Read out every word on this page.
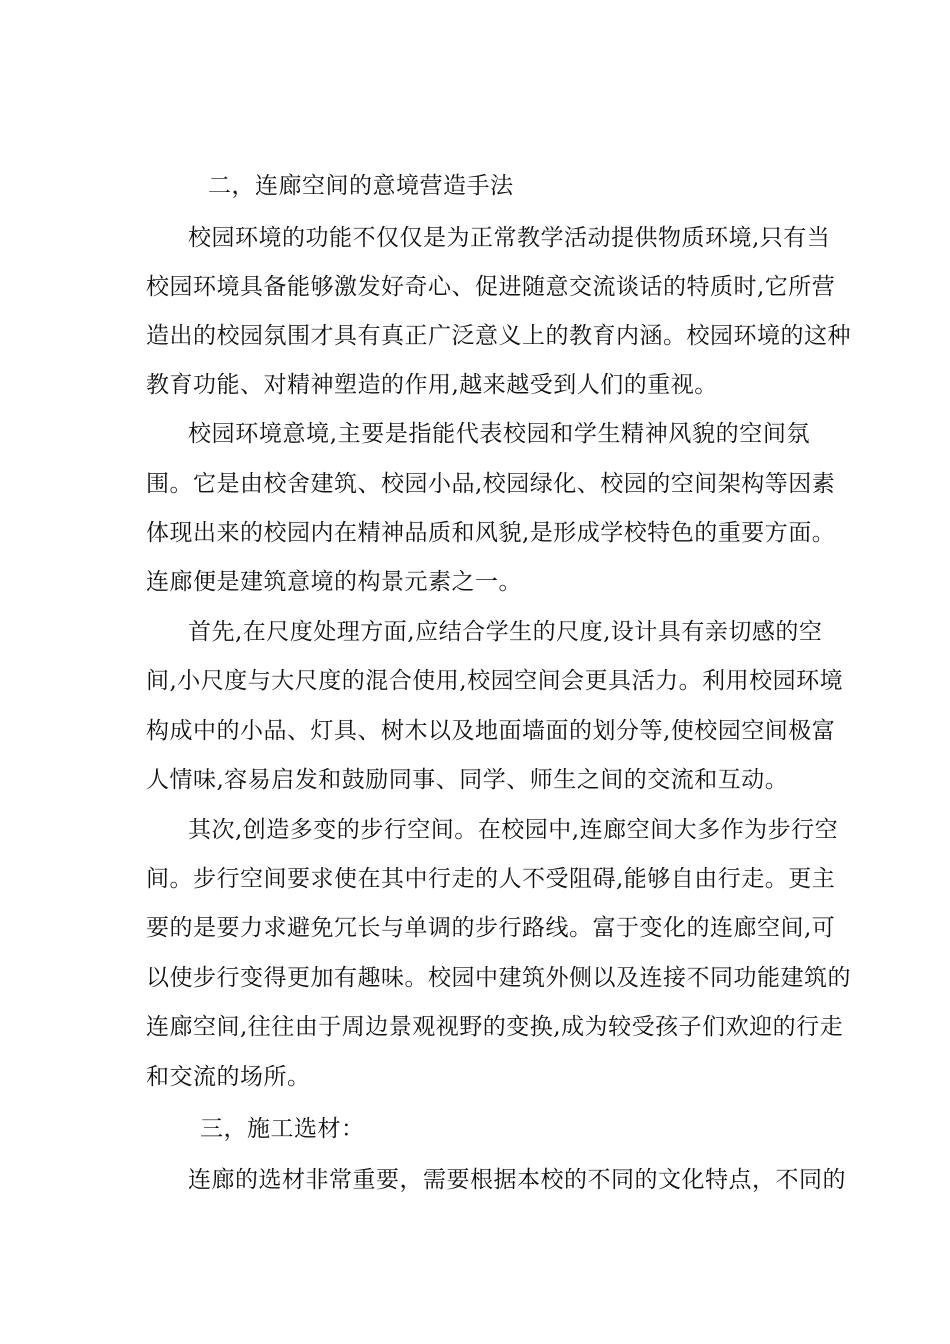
二，连廊空间的意境营造手法
校园环境的功能不仅仅是为正常教学活动提供物质环境,只有当
校园环境具备能够激发好奇心、促进随意交流谈话的特质时,它所营
造出的校园氛围才具有真正广泛意义上的教育内涵。校园环境的这种
教育功能、对精神塑造的作用,越来越受到人们的重视。
校园环境意境,主要是指能代表校园和学生精神风貌的空间氛
围。它是由校舍建筑、校园小品,校园绿化、校园的空间架构等因素
体现出来的校园内在精神品质和风貌,是形成学校特色的重要方面。
连廊便是建筑意境的构景元素之一。
首先,在尺度处理方面,应结合学生的尺度,设计具有亲切感的空
间,小尺度与大尺度的混合使用,校园空间会更具活力。利用校园环境
构成中的小品、灯具、树木以及地面墙面的划分等,使校园空间极富
人情味,容易启发和鼓励同事、同学、师生之间的交流和互动。
其次,创造多变的步行空间。在校园中,连廊空间大多作为步行空
间。步行空间要求使在其中行走的人不受阻碍,能够自由行走。更主
要的是要力求避免冗长与单调的步行路线。富于变化的连廊空间,可
以使步行变得更加有趣味。校园中建筑外侧以及连接不同功能建筑的
连廊空间,往往由于周边景观视野的变换,成为较受孩子们欢迎的行走
和交流的场所。
三，施工选材：
连廊的选材非常重要，需要根据本校的不同的文化特点，不同的
